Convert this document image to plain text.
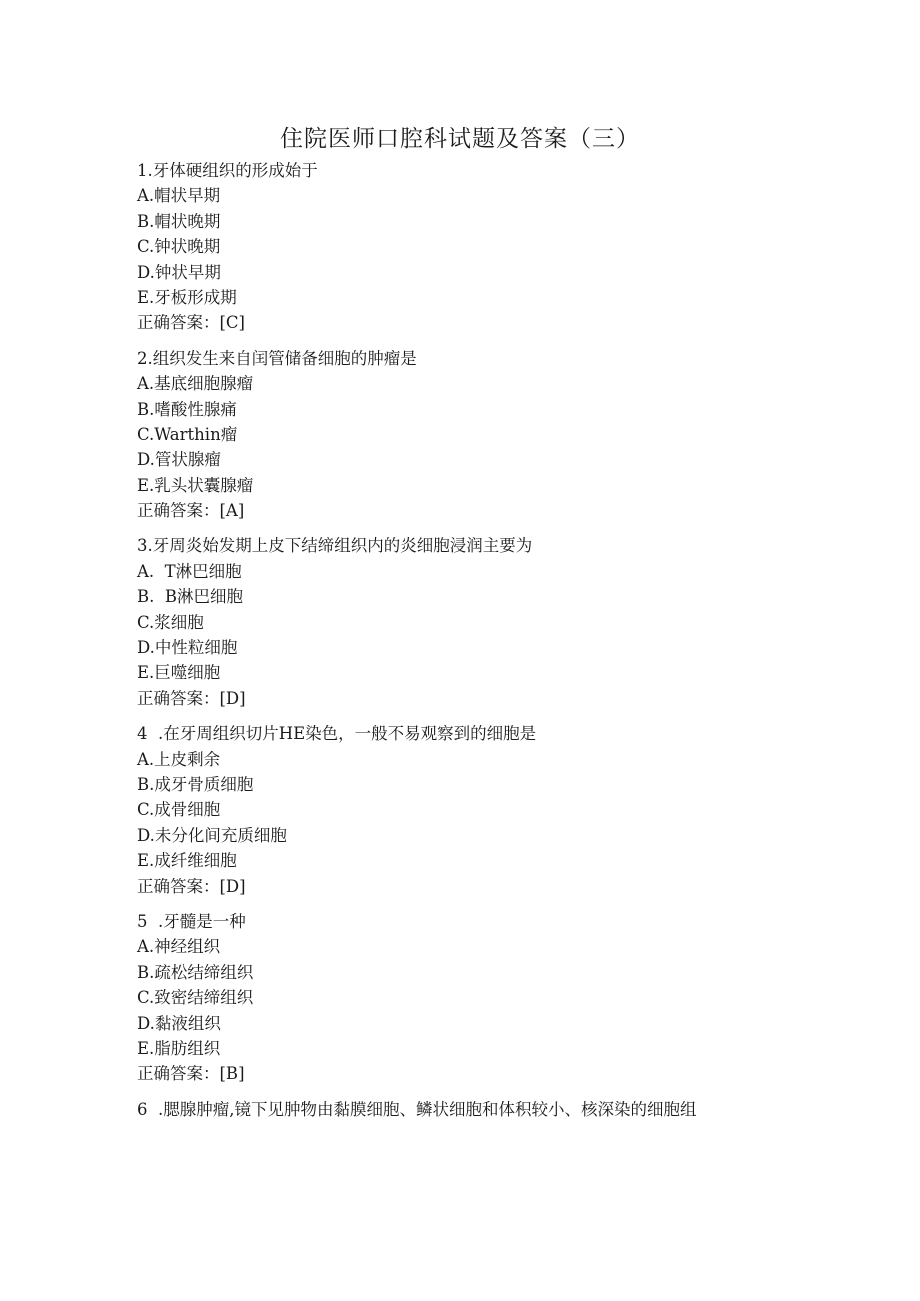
住院医师口腔科试题及答案（三）
1.牙体硬组织的形成始于
A.帽状早期
B.帽状晚期
C.钟状晚期
D.钟状早期
E.牙板形成期
正确答案：[C]
2.组织发生来自闰管储备细胞的肿瘤是
A.基底细胞腺瘤
B.嗜酸性腺痛
C.Warthin瘤
D.管状腺瘤
E.乳头状囊腺瘤
正确答案：[A]
3.牙周炎始发期上皮下结缔组织内的炎细胞浸润主要为
A.  T淋巴细胞
B.  B淋巴细胞
C.浆细胞
D.中性粒细胞
E.巨噬细胞
正确答案：[D]
4  .在牙周组织切片HE染色，一般不易观察到的细胞是
A.上皮剩余
B.成牙骨质细胞
C.成骨细胞
D.未分化间充质细胞
E.成纤维细胞
正确答案：[D]
5  .牙髓是一种
A.神经组织
B.疏松结缔组织
C.致密结缔组织
D.黏液组织
E.脂肪组织
正确答案：[B]
6  .腮腺肿瘤,镜下见肿物由黏膜细胞、鳞状细胞和体积较小、核深染的细胞组
